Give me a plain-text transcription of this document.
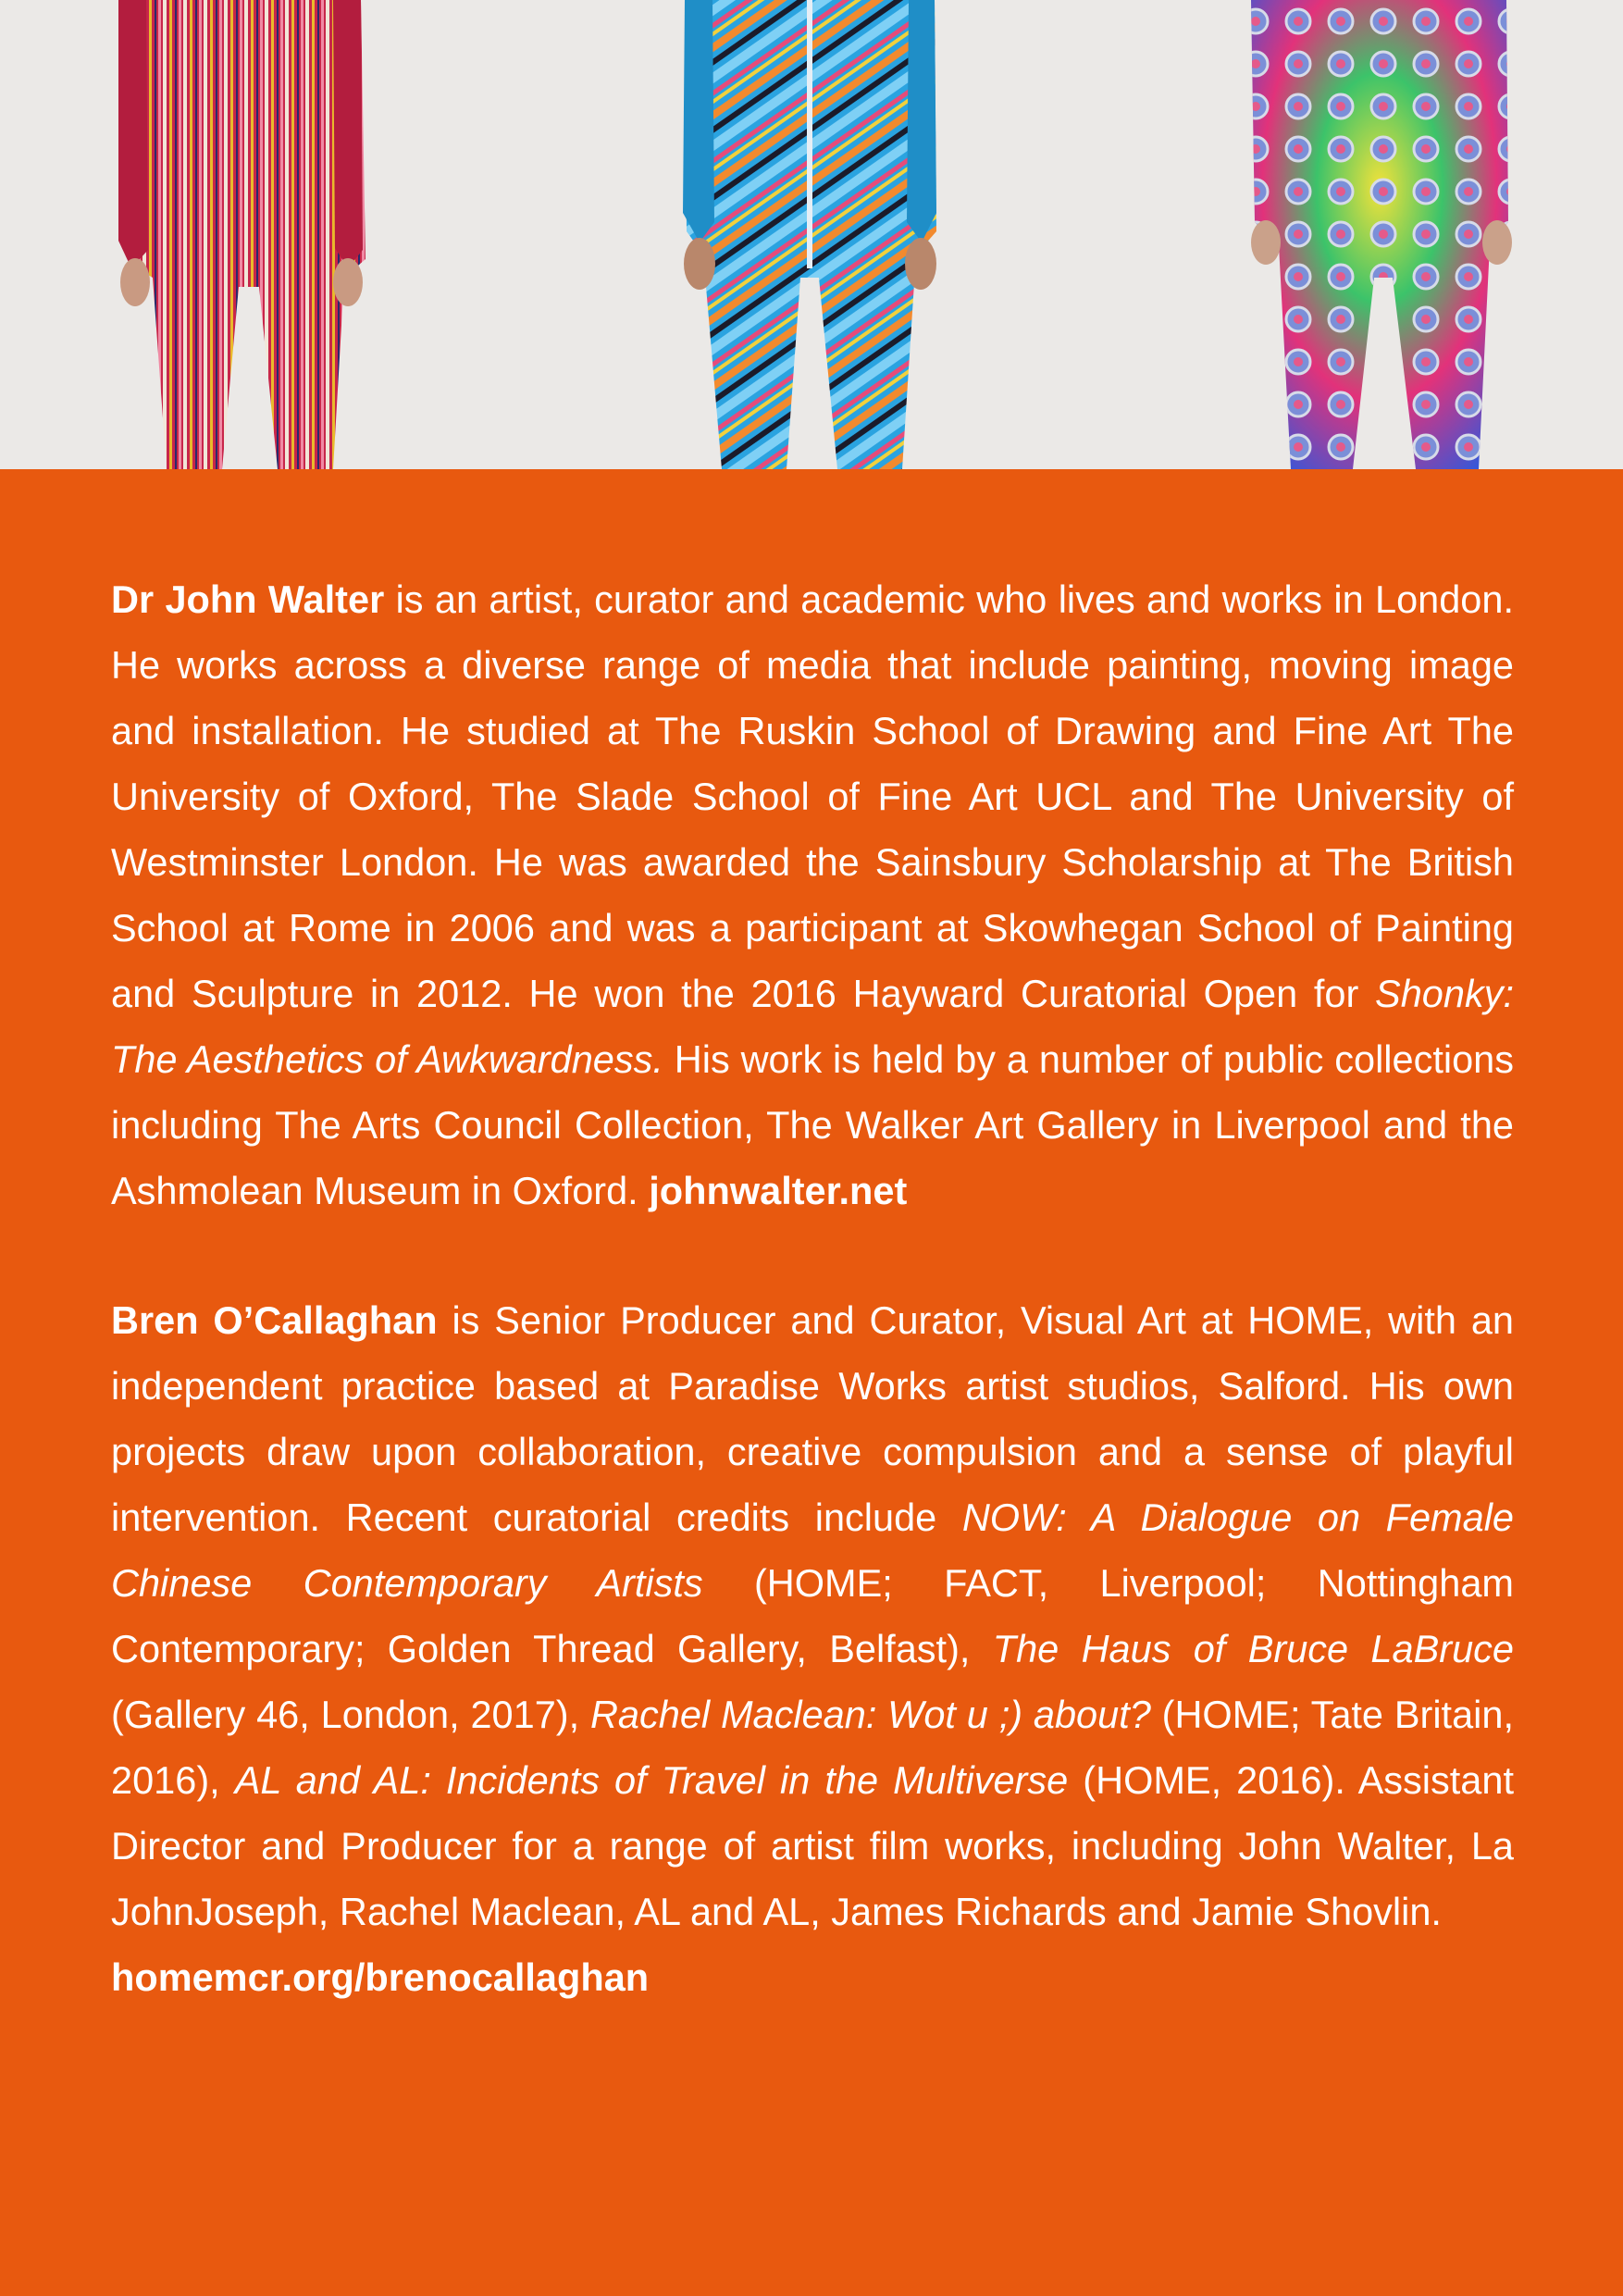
Dr John Walter is an artist, curator and academic who lives and works in London. He works across a diverse range of media that include painting, moving image and installation. He studied at The Ruskin School of Drawing and Fine Art The University of Oxford, The Slade School of Fine Art UCL and The University of Westminster London. He was awarded the Sainsbury Scholarship at The British School at Rome in 2006 and was a participant at Skowhegan School of Painting and Sculpture in 2012. He won the 2016 Hayward Curatorial Open for Shonky: The Aesthetics of Awkwardness. His work is held by a number of public collections including The Arts Council Collection, The Walker Art Gallery in Liverpool and the Ashmolean Museum in Oxford. johnwalter.net

Bren O’Callaghan is Senior Producer and Curator, Visual Art at HOME, with an independent practice based at Paradise Works artist studios, Salford. His own projects draw upon collaboration, creative compulsion and a sense of playful intervention. Recent curatorial credits include NOW: A Dialogue on Female Chinese Contemporary Artists (HOME; FACT, Liverpool; Nottingham Contemporary; Golden Thread Gallery, Belfast), The Haus of Bruce LaBruce (Gallery 46, London, 2017), Rachel Maclean: Wot u ;) about? (HOME; Tate Britain, 2016), AL and AL: Incidents of Travel in the Multiverse (HOME, 2016). Assistant Director and Producer for a range of artist film works, including John Walter, La JohnJoseph, Rachel Maclean, AL and AL, James Richards and Jamie Shovlin.
homemcr.org/brenocallaghan
